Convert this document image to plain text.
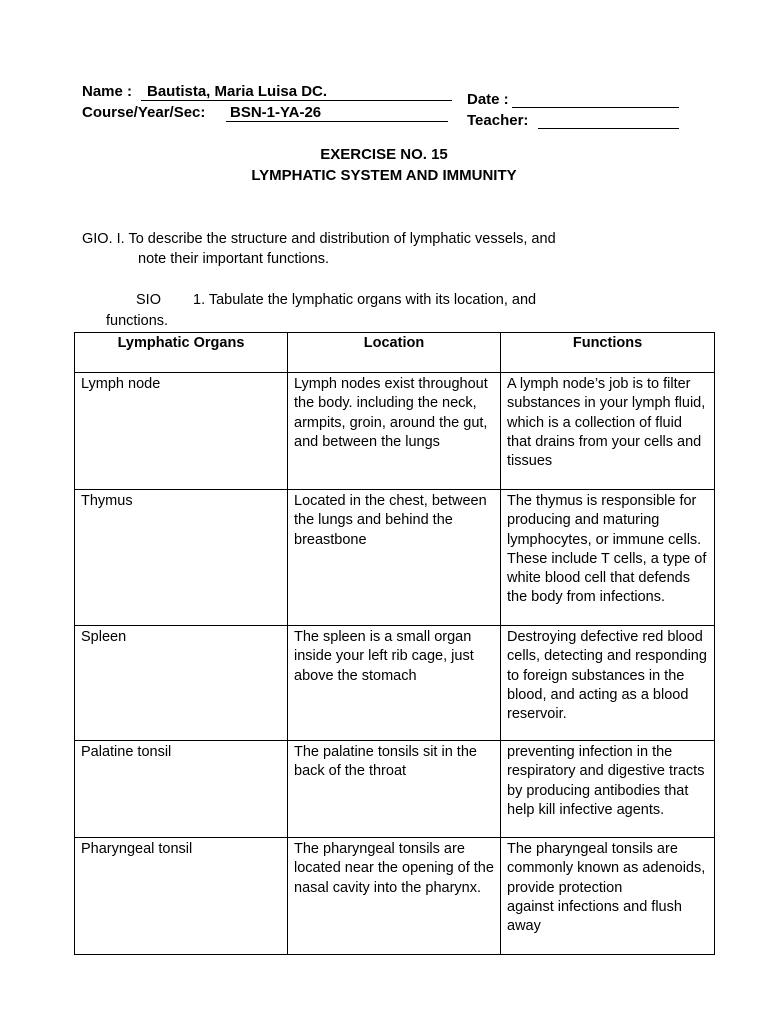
Name : Bautista, Maria Luisa DC.
Course/Year/Sec: BSN-1-YA-26
Date :
Teacher:
EXERCISE NO. 15
LYMPHATIC SYSTEM AND IMMUNITY
GIO. I. To describe the structure and distribution of lymphatic vessels, and
note their important functions.
SIO 1. Tabulate the lymphatic organs with its location, and
functions.
Lymphatic Organs	Location	Functions
Lymph node	Lymph nodes exist throughout the body. including the neck, armpits, groin, around the gut, and between the lungs	A lymph node’s job is to filter substances in your lymph fluid, which is a collection of fluid that drains from your cells and tissues
Thymus	Located in the chest, between the lungs and behind the breastbone	The thymus is responsible for producing and maturing lymphocytes, or immune cells. These include T cells, a type of white blood cell that defends the body from infections.
Spleen	The spleen is a small organ inside your left rib cage, just above the stomach	Destroying defective red blood cells, detecting and responding to foreign substances in the blood, and acting as a blood reservoir.
Palatine tonsil	The palatine tonsils sit in the back of the throat	preventing infection in the respiratory and digestive tracts by producing antibodies that help kill infective agents.
Pharyngeal tonsil	The pharyngeal tonsils are located near the opening of the nasal cavity into the pharynx.	The pharyngeal tonsils are commonly known as adenoids, provide protection
against infections and flush away
